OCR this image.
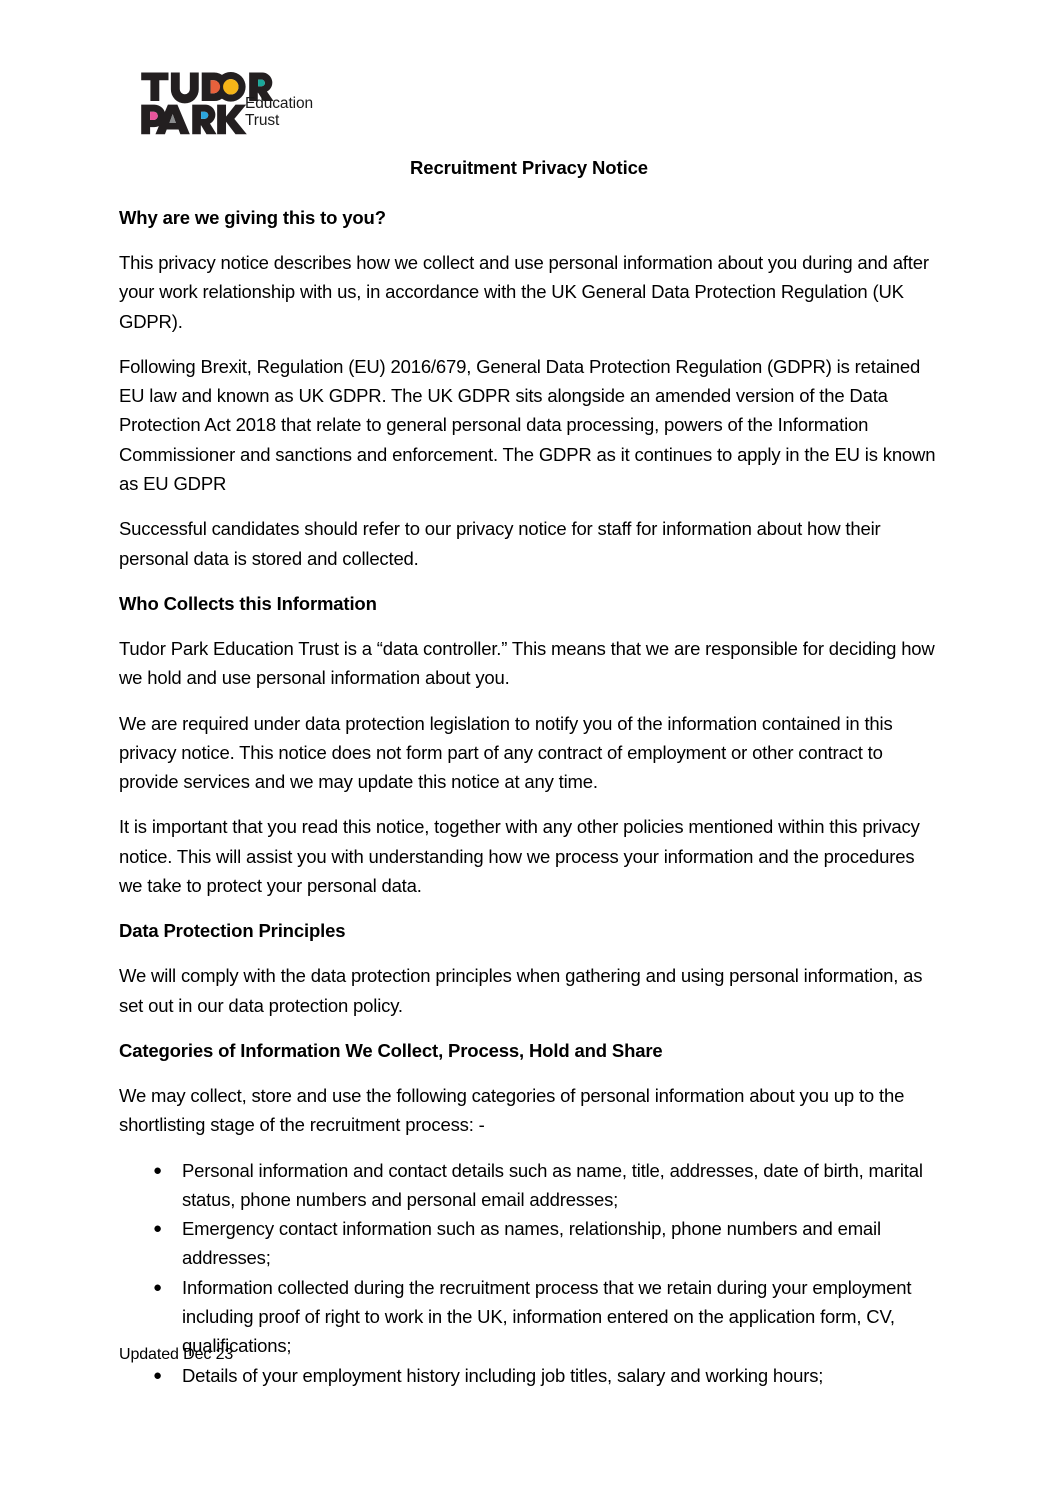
Education
Trust
Recruitment Privacy Notice
Why are we giving this to you?

This privacy notice describes how we collect and use personal information about you during and after your work relationship with us, in accordance with the UK General Data Protection Regulation (UK GDPR).

Following Brexit, Regulation (EU) 2016/679, General Data Protection Regulation (GDPR) is retained EU law and known as UK GDPR. The UK GDPR sits alongside an amended version of the Data Protection Act 2018 that relate to general personal data processing, powers of the Information Commissioner and sanctions and enforcement. The GDPR as it continues to apply in the EU is known as EU GDPR

Successful candidates should refer to our privacy notice for staff for information about how their personal data is stored and collected.

Who Collects this Information

Tudor Park Education Trust is a “data controller.” This means that we are responsible for deciding how we hold and use personal information about you.

We are required under data protection legislation to notify you of the information contained in this privacy notice. This notice does not form part of any contract of employment or other contract to provide services and we may update this notice at any time.

It is important that you read this notice, together with any other policies mentioned within this privacy notice. This will assist you with understanding how we process your information and the procedures we take to protect your personal data.

Data Protection Principles

We will comply with the data protection principles when gathering and using personal information, as set out in our data protection policy.

Categories of Information We Collect, Process, Hold and Share

We may collect, store and use the following categories of personal information about you up to the shortlisting stage of the recruitment process: -

● Personal information and contact details such as name, title, addresses, date of birth, marital status, phone numbers and personal email addresses;
● Emergency contact information such as names, relationship, phone numbers and email addresses;
● Information collected during the recruitment process that we retain during your employment including proof of right to work in the UK, information entered on the application form, CV, qualifications;
● Details of your employment history including job titles, salary and working hours;
Updated Dec 23
